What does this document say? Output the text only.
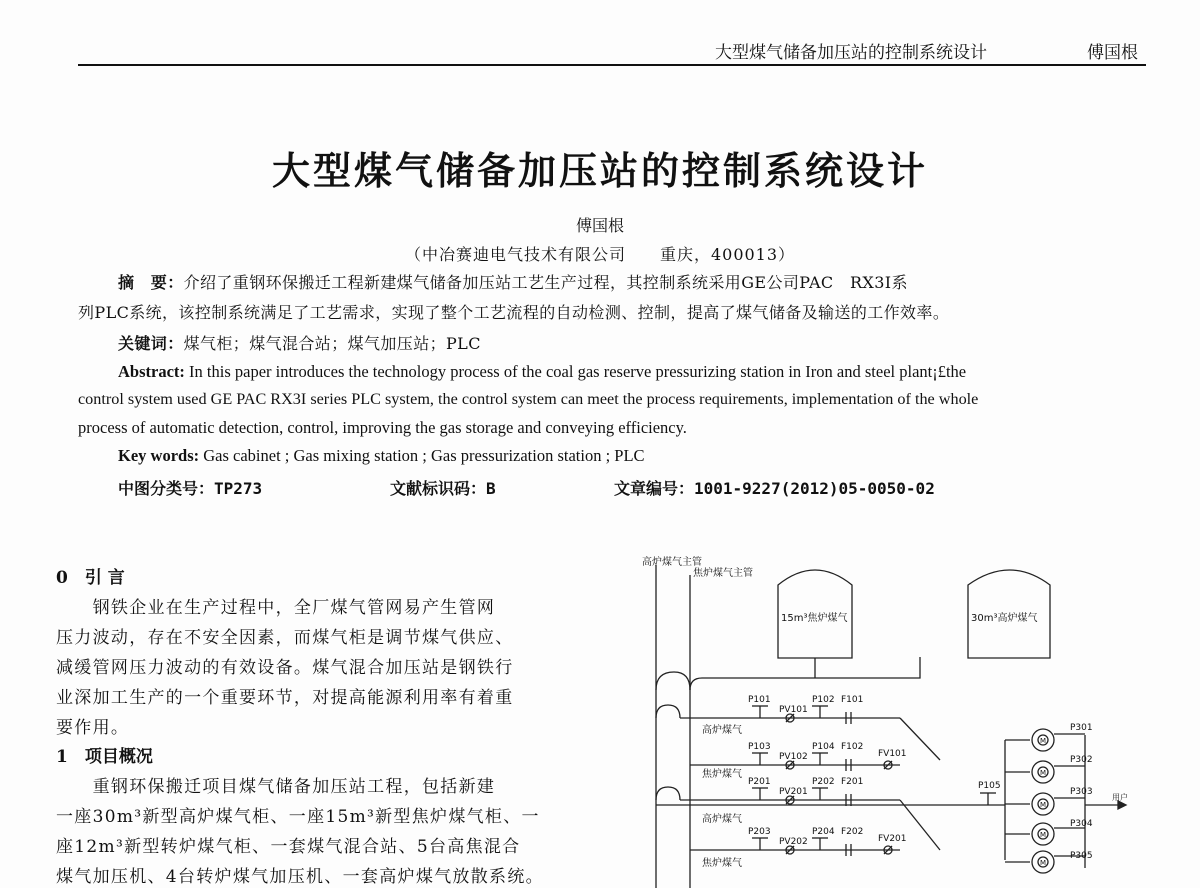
大型煤气储备加压站的控制系统设计	傅国根
大型煤气储备加压站的控制系统设计
傅国根
（中冶赛迪电气技术有限公司　　重庆，400013）
摘　要：介绍了重钢环保搬迁工程新建煤气储备加压站工艺生产过程，其控制系统采用GE公司PAC　RX3I系
列PLC系统，该控制系统满足了工艺需求，实现了整个工艺流程的自动检测、控制，提高了煤气储备及输送的工作效率。
关键词：煤气柜；煤气混合站；煤气加压站；PLC
Abstract: In this paper introduces the technology process of the coal gas reserve pressurizing station in Iron and steel plant¡£the
control system used GE PAC RX3I series PLC system, the control system can meet the process requirements, implementation of the whole
process of automatic detection, control, improving the gas storage and conveying efficiency.
Key words: Gas cabinet ; Gas mixing station ; Gas pressurization station ; PLC
中图分类号：TP273	文献标识码：B	文章编号：1001-9227(2012)05-0050-02
0　引 言
　　钢铁企业在生产过程中，全厂煤气管网易产生管网
压力波动，存在不安全因素，而煤气柜是调节煤气供应、
减缓管网压力波动的有效设备。煤气混合加压站是钢铁行
业深加工生产的一个重要环节，对提高能源利用率有着重
要作用。
1　项目概况
　　重钢环保搬迁项目煤气储备加压站工程，包括新建
一座30m³新型高炉煤气柜、一座15m³新型焦炉煤气柜、一
座12m³新型转炉煤气柜、一套煤气混合站、5台高焦混合
煤气加压机、4台转炉煤气加压机、一套高炉煤气放散系统。
高炉煤气主管
焦炉煤气主管
15m³焦炉煤气	30m³高炉煤气
高炉煤气
焦炉煤气
高炉煤气
焦炉煤气
P101
PV101
P102 F101
P103
PV102
P104 F102
FV101
P201
PV201
P202 F201
P203
PV202
P204 F202
FV201
P105
P301
P302
P303
P304
P305
M
M
M
M
M
用户
